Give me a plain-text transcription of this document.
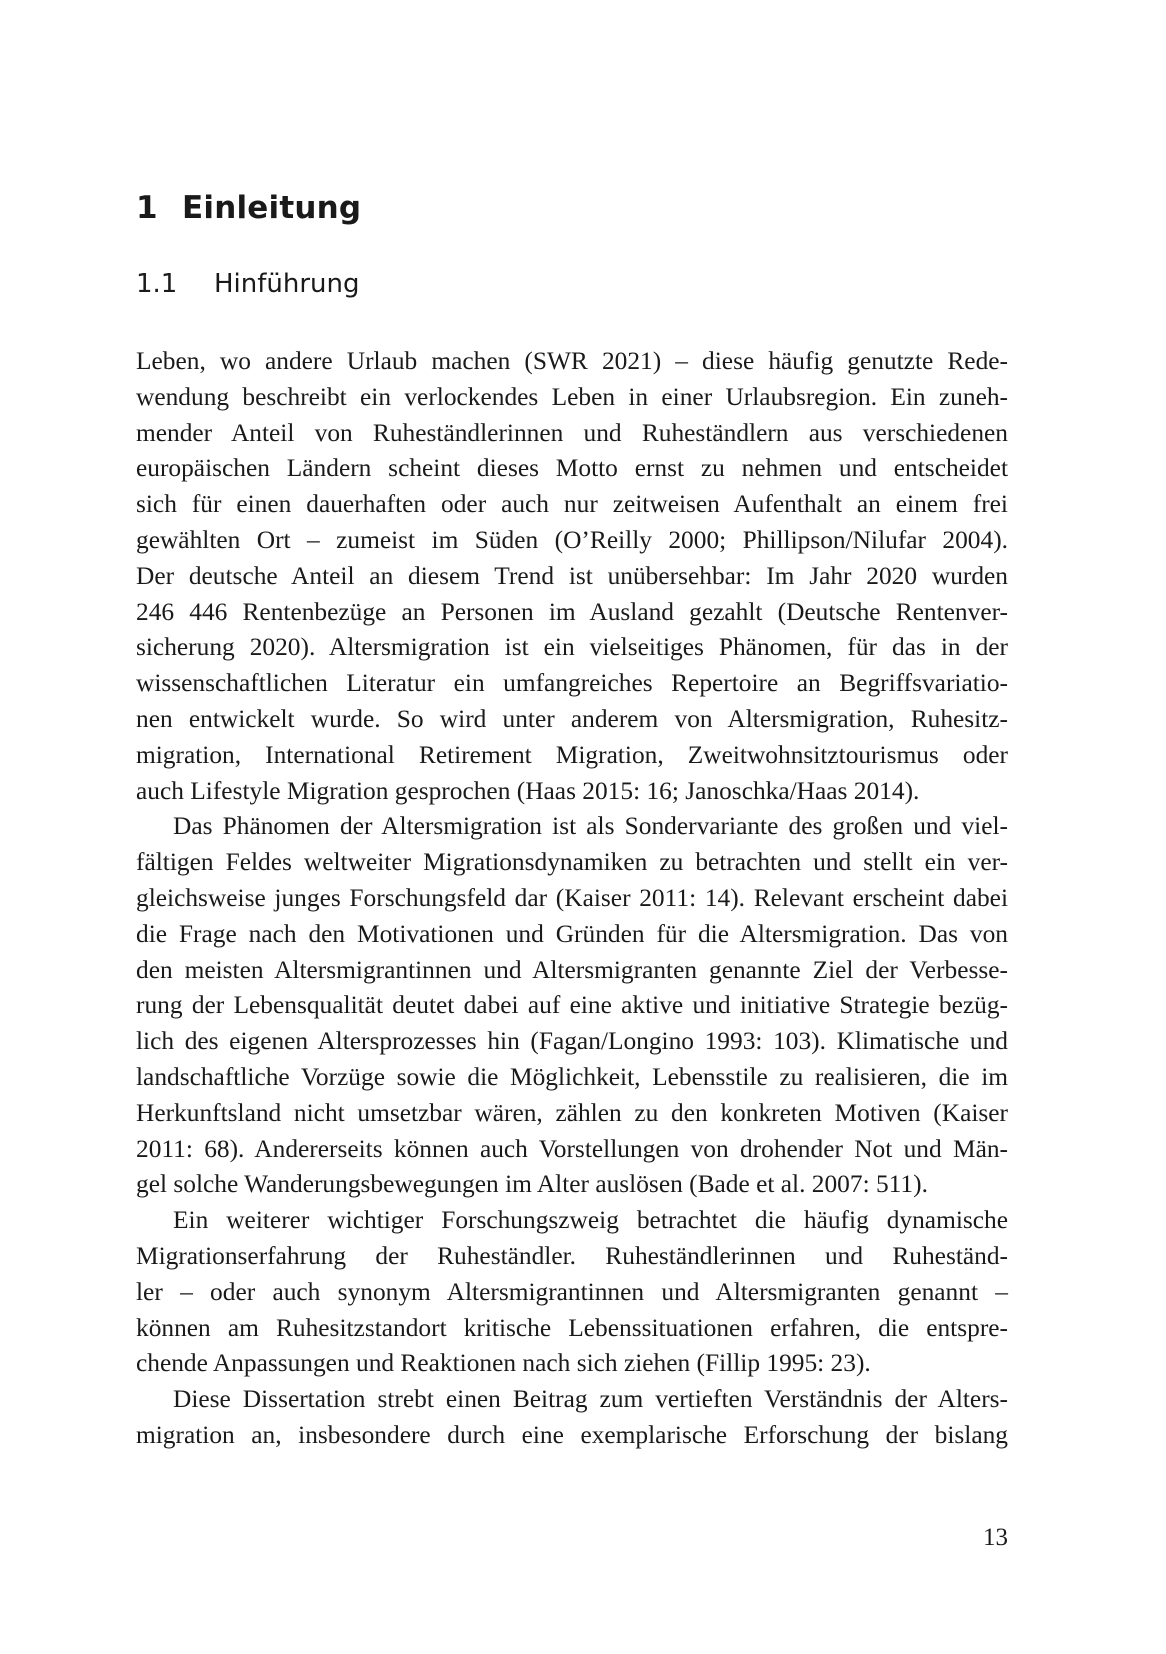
1 Einleitung
1.1 Hinführung
Leben, wo andere Urlaub machen (SWR 2021) – diese häufig genutzte Rede-
wendung beschreibt ein verlockendes Leben in einer Urlaubsregion. Ein zuneh-
mender Anteil von Ruheständlerinnen und Ruheständlern aus verschiedenen
europäischen Ländern scheint dieses Motto ernst zu nehmen und entscheidet
sich für einen dauerhaften oder auch nur zeitweisen Aufenthalt an einem frei
gewählten Ort – zumeist im Süden (O’Reilly 2000; Phillipson/Nilufar 2004).
Der deutsche Anteil an diesem Trend ist unübersehbar: Im Jahr 2020 wurden
246 446 Rentenbezüge an Personen im Ausland gezahlt (Deutsche Rentenver-
sicherung 2020). Altersmigration ist ein vielseitiges Phänomen, für das in der
wissenschaftlichen Literatur ein umfangreiches Repertoire an Begriffsvariatio-
nen entwickelt wurde. So wird unter anderem von Altersmigration, Ruhesitz-
migration, International Retirement Migration, Zweitwohnsitztourismus oder
auch Lifestyle Migration gesprochen (Haas 2015: 16; Janoschka/Haas 2014).
Das Phänomen der Altersmigration ist als Sondervariante des großen und viel-
fältigen Feldes weltweiter Migrationsdynamiken zu betrachten und stellt ein ver-
gleichsweise junges Forschungsfeld dar (Kaiser 2011: 14). Relevant erscheint dabei
die Frage nach den Motivationen und Gründen für die Altersmigration. Das von
den meisten Altersmigrantinnen und Altersmigranten genannte Ziel der Verbesse-
rung der Lebensqualität deutet dabei auf eine aktive und initiative Strategie bezüg-
lich des eigenen Altersprozesses hin (Fagan/Longino 1993: 103). Klimatische und
landschaftliche Vorzüge sowie die Möglichkeit, Lebensstile zu realisieren, die im
Herkunftsland nicht umsetzbar wären, zählen zu den konkreten Motiven (Kaiser
2011: 68). Andererseits können auch Vorstellungen von drohender Not und Män-
gel solche Wanderungsbewegungen im Alter auslösen (Bade et al. 2007: 511).
Ein weiterer wichtiger Forschungszweig betrachtet die häufig dynamische
Migrationserfahrung der Ruheständler. Ruheständlerinnen und Ruheständ-
ler – oder auch synonym Altersmigrantinnen und Altersmigranten genannt –
können am Ruhesitzstandort kritische Lebenssituationen erfahren, die entspre-
chende Anpassungen und Reaktionen nach sich ziehen (Fillip 1995: 23).
Diese Dissertation strebt einen Beitrag zum vertieften Verständnis der Alters-
migration an, insbesondere durch eine exemplarische Erforschung der bislang
13
